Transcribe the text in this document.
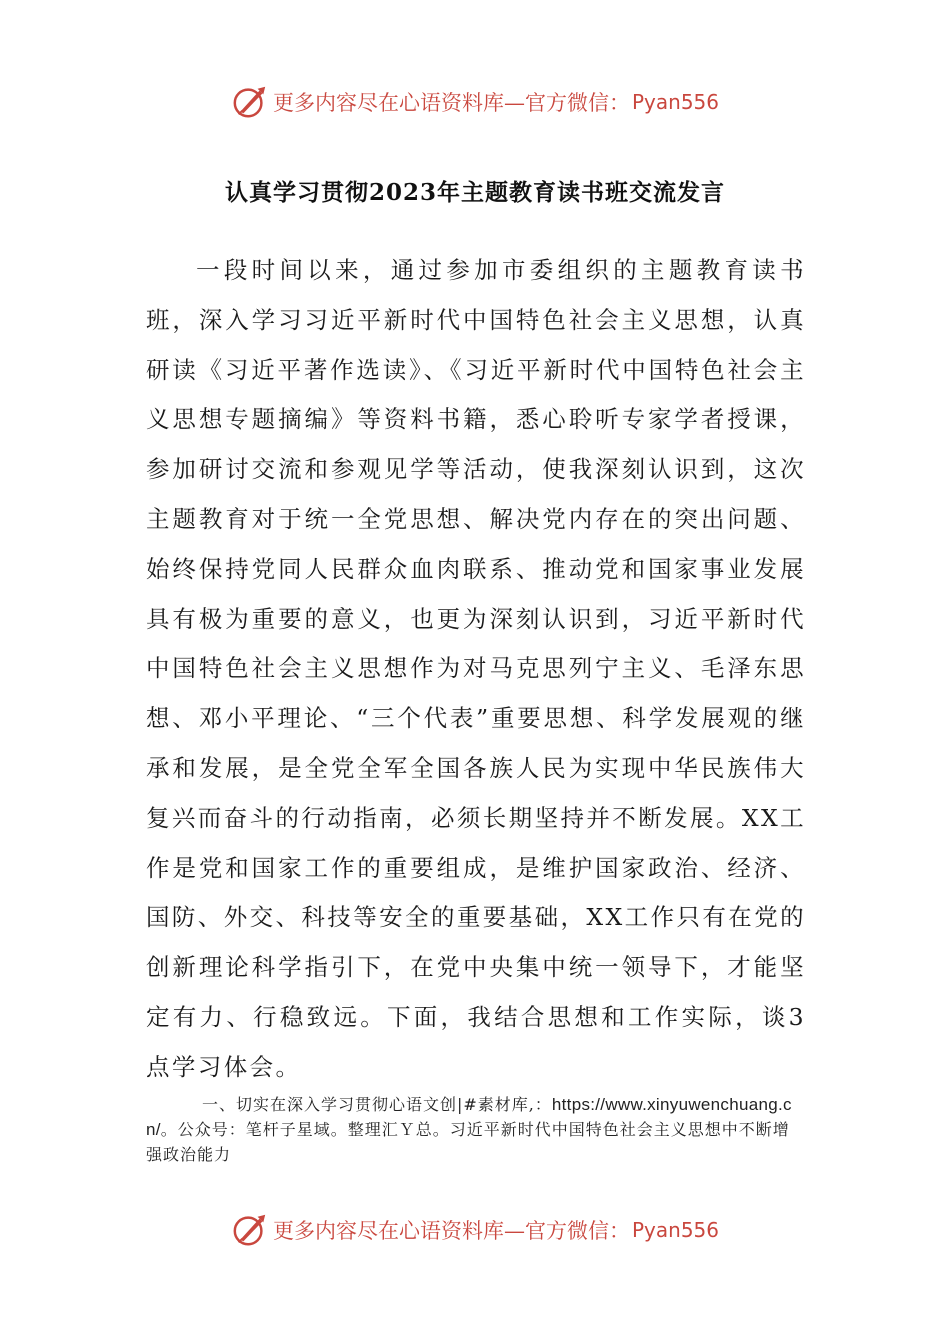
更多内容尽在心语资料库 —官方微信： Pyan556
认真学习贯彻2023年主题教育读书班交流发言

一段时间以来，通过参加市委组织的主题教育读书班，深入学习习近平新时代中国特色社会主义思想，认真研读《习近平著作选读》、《习近平新时代中国特色社会主义思想专题摘编》等资料书籍，悉心聆听专家学者授课，参加研讨交流和参观见学等活动，使我深刻认识到，这次主题教育对于统一全党思想、解决党内存在的突出问题、始终保持党同人民群众血肉联系、推动党和国家事业发展具有极为重要的意义，也更为深刻认识到，习近平新时代中国特色社会主义思想作为对马克思列宁主义、毛泽东思想、邓小平理论、“三个代表”重要思想、科学发展观的继承和发展，是全党全军全国各族人民为实现中华民族伟大复兴而奋斗的行动指南，必须长期坚持并不断发展。XX工作是党和国家工作的重要组成，是维护国家政治、经济、国防、外交、科技等安全的重要基础，XX工作只有在党的创新理论科学指引下，在党中央集中统一领导下，才能坚定有力、行稳致远。下面，我结合思想和工作实际，谈3点学习体会。

一、切实在深入学习贯彻心语文创|#素材库,：https://www.xinyuwenchuang.cn/。公众号：笔杆子星域。整理汇Ｙ总。习近平新时代中国特色社会主义思想中不断增强政治能力

更多内容尽在心语资料库 —官方微信： Pyan556
